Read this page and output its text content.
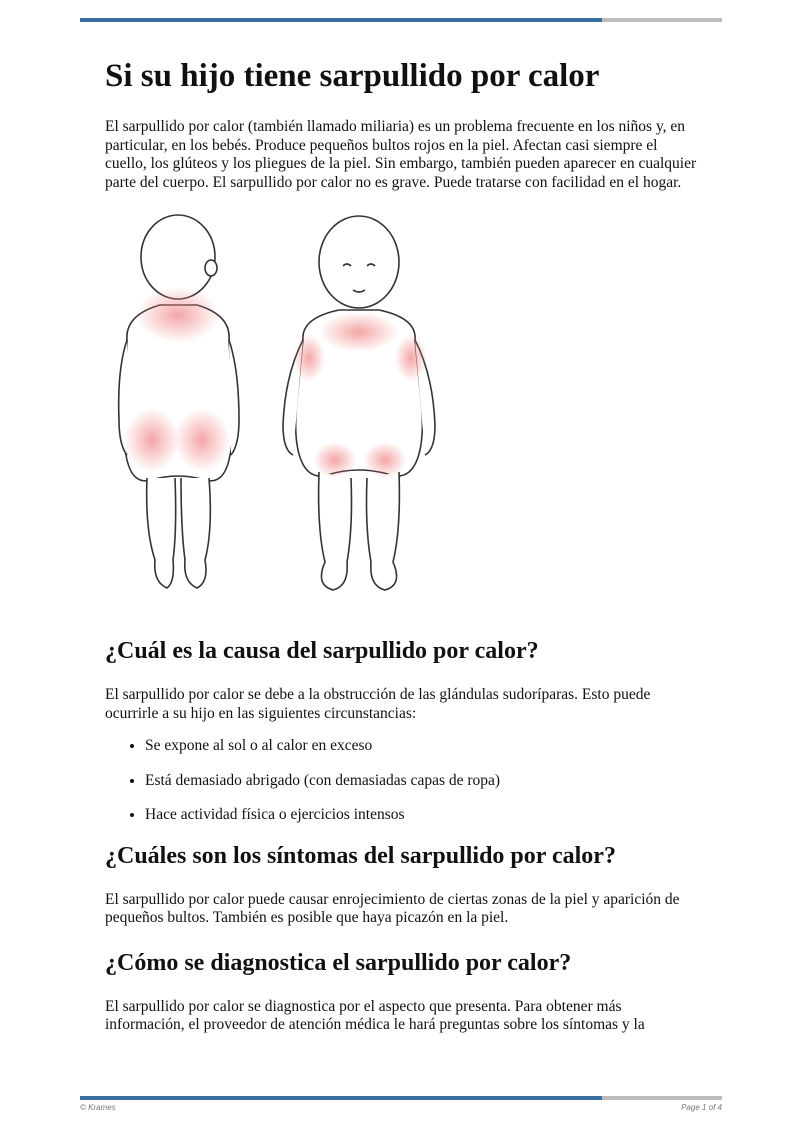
Si su hijo tiene sarpullido por calor

El sarpullido por calor (también llamado miliaria) es un problema frecuente en los niños y, en particular, en los bebés. Produce pequeños bultos rojos en la piel. Afectan casi siempre el cuello, los glúteos y los pliegues de la piel. Sin embargo, también pueden aparecer en cualquier parte del cuerpo. El sarpullido por calor no es grave. Puede tratarse con facilidad en el hogar.

¿Cuál es la causa del sarpullido por calor?

El sarpullido por calor se debe a la obstrucción de las glándulas sudoríparas. Esto puede ocurrirle a su hijo en las siguientes circunstancias:

• Se expone al sol o al calor en exceso
• Está demasiado abrigado (con demasiadas capas de ropa)
• Hace actividad física o ejercicios intensos
¿Cuáles son los síntomas del sarpullido por calor?

El sarpullido por calor puede causar enrojecimiento de ciertas zonas de la piel y aparición de pequeños bultos. También es posible que haya picazón en la piel.

¿Cómo se diagnostica el sarpullido por calor?

El sarpullido por calor se diagnostica por el aspecto que presenta. Para obtener más información, el proveedor de atención médica le hará preguntas sobre los síntomas y la

© Krames	Page 1 of 4
